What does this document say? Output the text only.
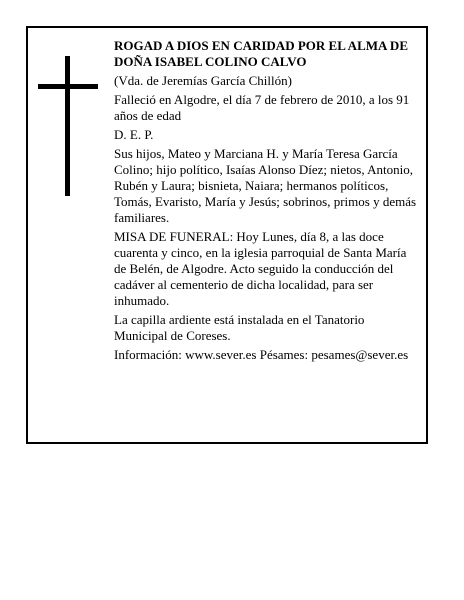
ROGAD A DIOS EN CARIDAD POR EL ALMA DE

DOÑA ISABEL COLINO CALVO

(Vda. de Jeremías García Chillón)

Falleció en Algodre, el día 7 de febrero de 2010, a los 91 años de edad

D. E. P.

Sus hijos, Mateo y Marciana H. y María Teresa García Colino; hijo político, Isaías Alonso Díez; nietos, Antonio, Rubén y Laura; bisnieta, Naiara; hermanos políticos, Tomás, Evaristo, María y Jesús; sobrinos, primos y demás familiares.

MISA DE FUNERAL: Hoy Lunes, día 8, a las doce cuarenta y cinco, en la iglesia parroquial de Santa María de Belén, de Algodre. Acto seguido la conducción del cadáver al cementerio de dicha localidad, para ser inhumado.

La capilla ardiente está instalada en el Tanatorio Municipal de Coreses.

Información: www.sever.es Pésames: pesames@sever.es
